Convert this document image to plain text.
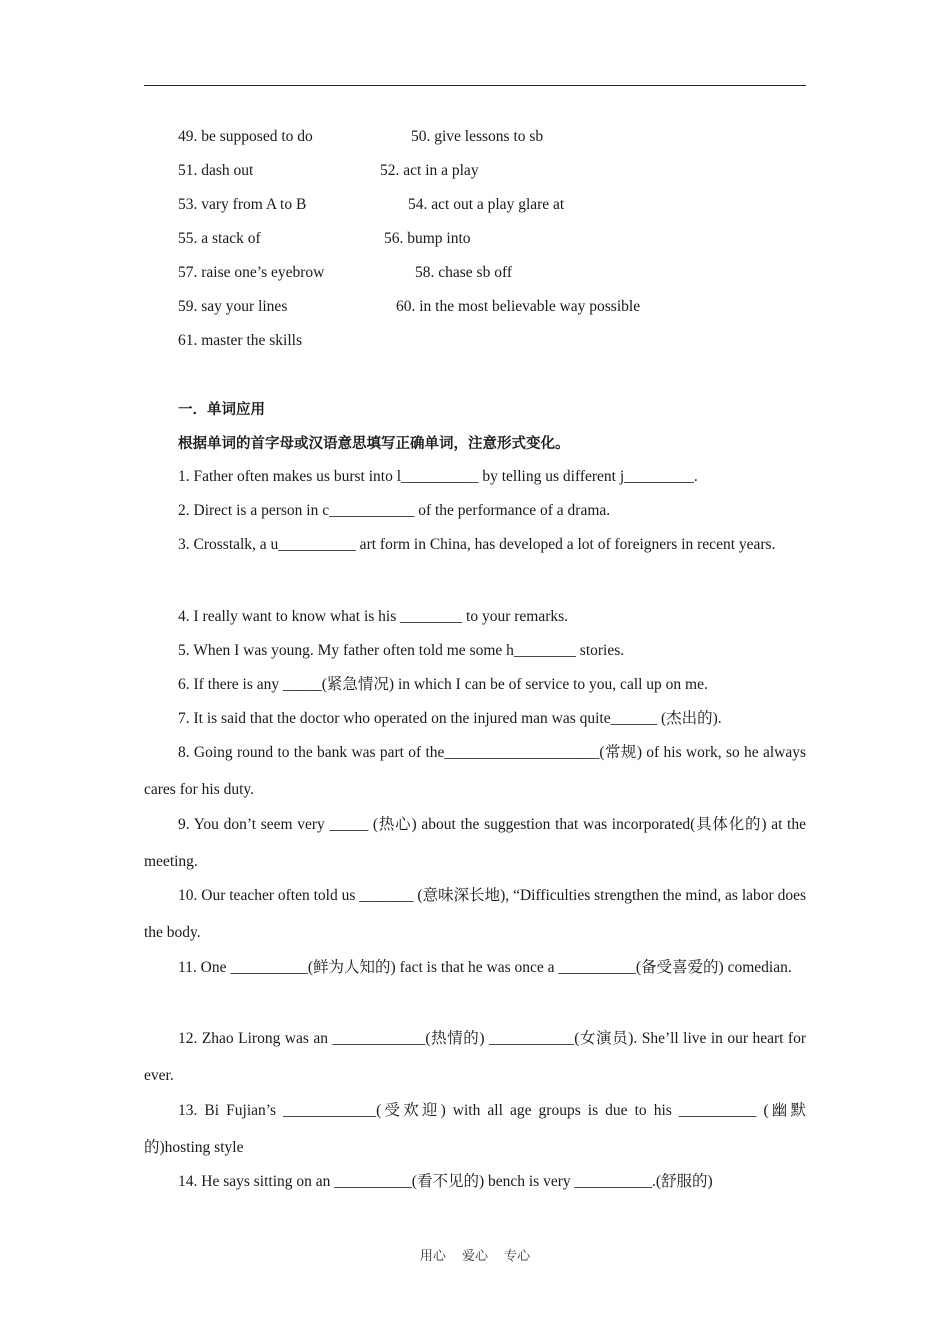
49. be supposed to do	50. give lessons to sb
51. dash out	52. act in a play
53. vary from A to B	54. act out a play glare at
55. a stack of	56. bump into
57. raise one’s eyebrow	58. chase sb off
59. say your lines	60. in the most believable way possible
61. master the skills
一．单词应用
根据单词的首字母或汉语意思填写正确单词，注意形式变化。
1. Father often makes us burst into l__________ by telling us different j_________.
2. Direct is a person in c___________ of the performance of a drama.
3. Crosstalk, a u__________ art form in China, has developed a lot of foreigners in recent years.
4. I really want to know what is his ________ to your remarks.
5. When I was young. My father often told me some h________ stories.
6. If there is any _____(紧急情况) in which I can be of service to you, call up on me.
7. It is said that the doctor who operated on the injured man was quite______ (杰出的).
8. Going round to the bank was part of the____________________(常规) of his work, so he always cares for his duty.
9. You don’t seem very _____ (热心) about the suggestion that was incorporated(具体化的) at the meeting.
10. Our teacher often told us _______ (意味深长地), “Difficulties strengthen the mind, as labor does the body.
11. One __________(鲜为人知的) fact is that he was once a __________(备受喜爱的) comedian.
12. Zhao Lirong was an ____________(热情的) ___________(女演员). She’ll live in our heart for ever.
13. Bi Fujian’s ____________(受欢迎) with all age groups is due to his __________ (幽默的)hosting style
14. He says sitting on an __________(看不见的) bench is very __________.(舒服的)
用心 爱心 专心
